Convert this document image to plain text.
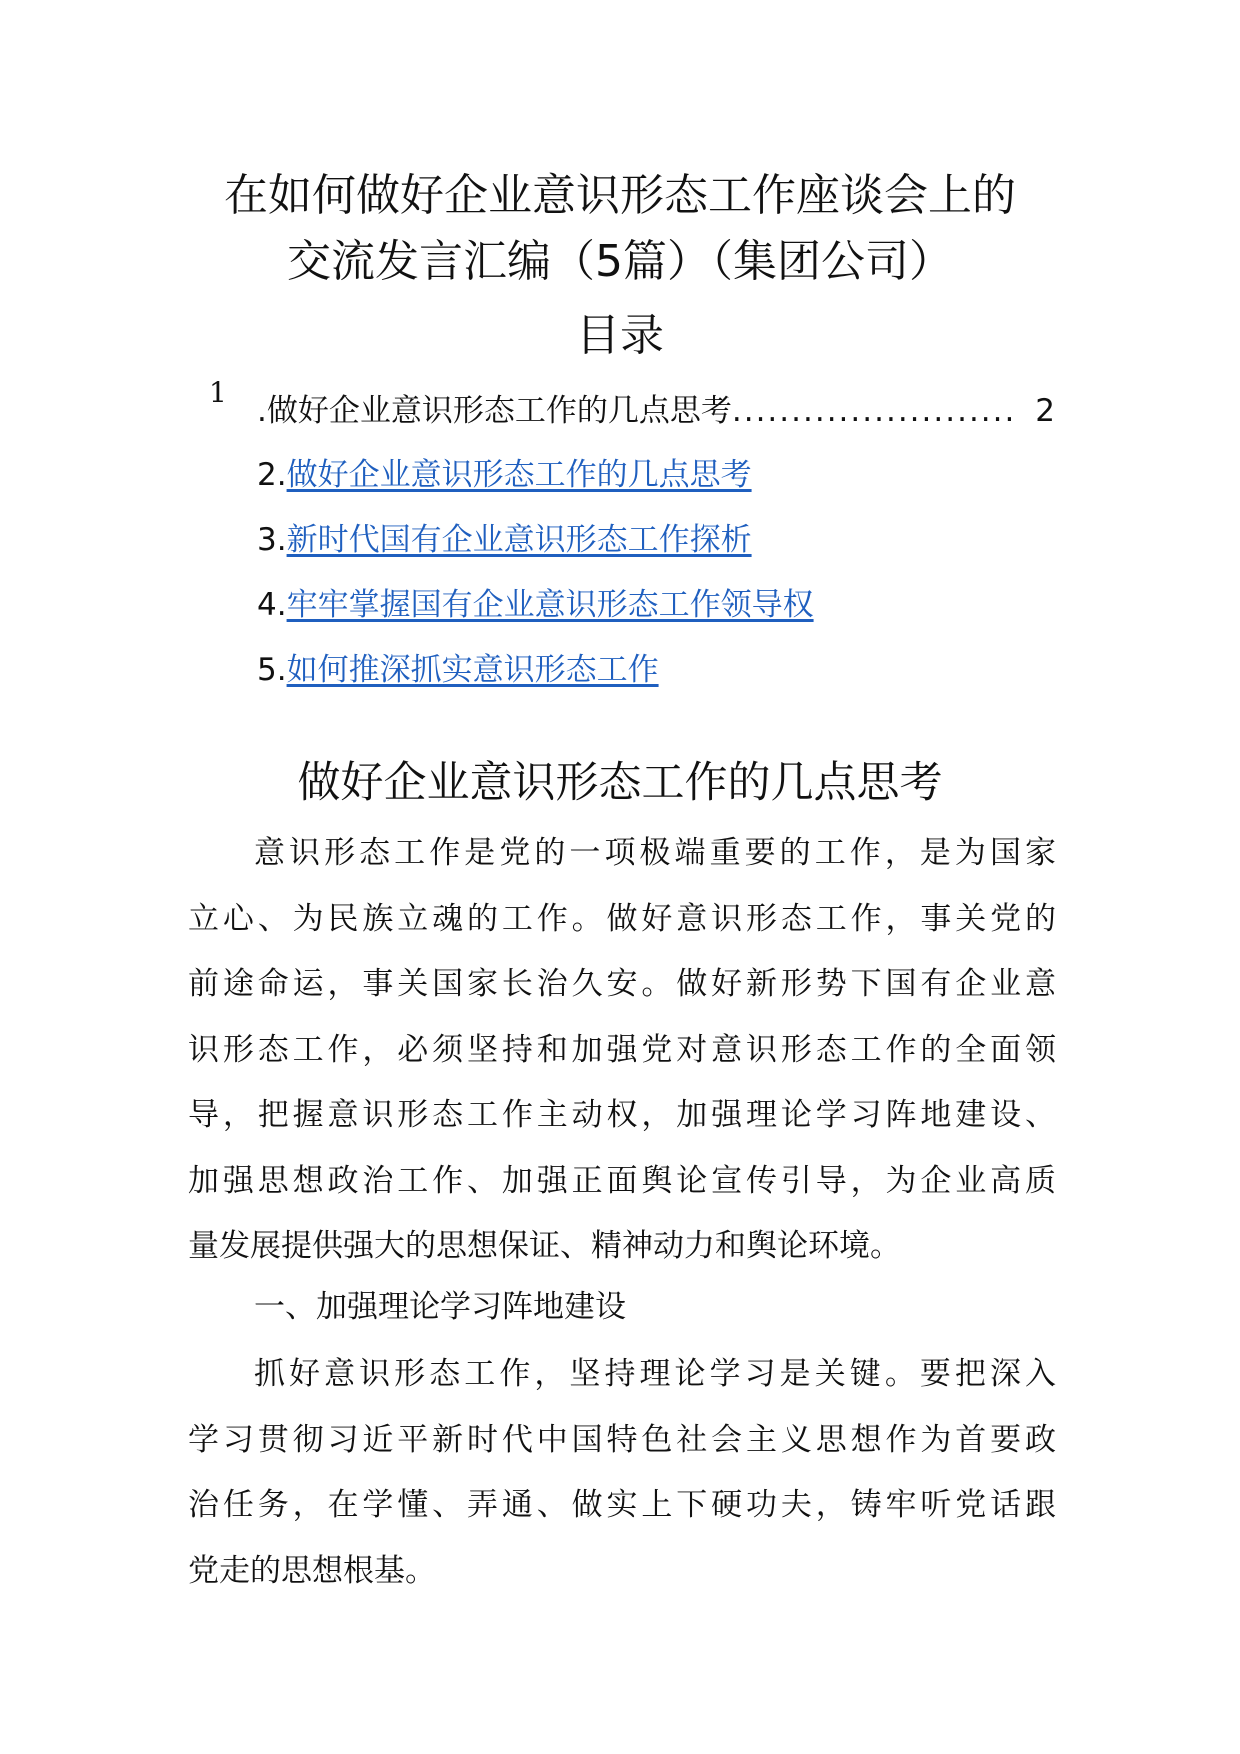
在如何做好企业意识形态工作座谈会上的
交流发言汇编（5篇）（集团公司）
目录
1
. 做好企业意识形态工作的几点思考 ........................ 2
2.做好企业意识形态工作的几点思考
3.新时代国有企业意识形态工作探析
4.牢牢掌握国有企业意识形态工作领导权
5.如何推深抓实意识形态工作
做好企业意识形态工作的几点思考

意识形态工作是党的一项极端重要的工作，是为国家
立心、为民族立魂的工作。做好意识形态工作，事关党的
前途命运，事关国家长治久安。做好新形势下国有企业意
识形态工作，必须坚持和加强党对意识形态工作的全面领
导，把握意识形态工作主动权，加强理论学习阵地建设、
加强思想政治工作、加强正面舆论宣传引导，为企业高质
量发展提供强大的思想保证、精神动力和舆论环境。

一、加强理论学习阵地建设

抓好意识形态工作，坚持理论学习是关键。要把深入
学习贯彻习近平新时代中国特色社会主义思想作为首要政
治任务，在学懂、弄通、做实上下硬功夫，铸牢听党话跟
党走的思想根基。
